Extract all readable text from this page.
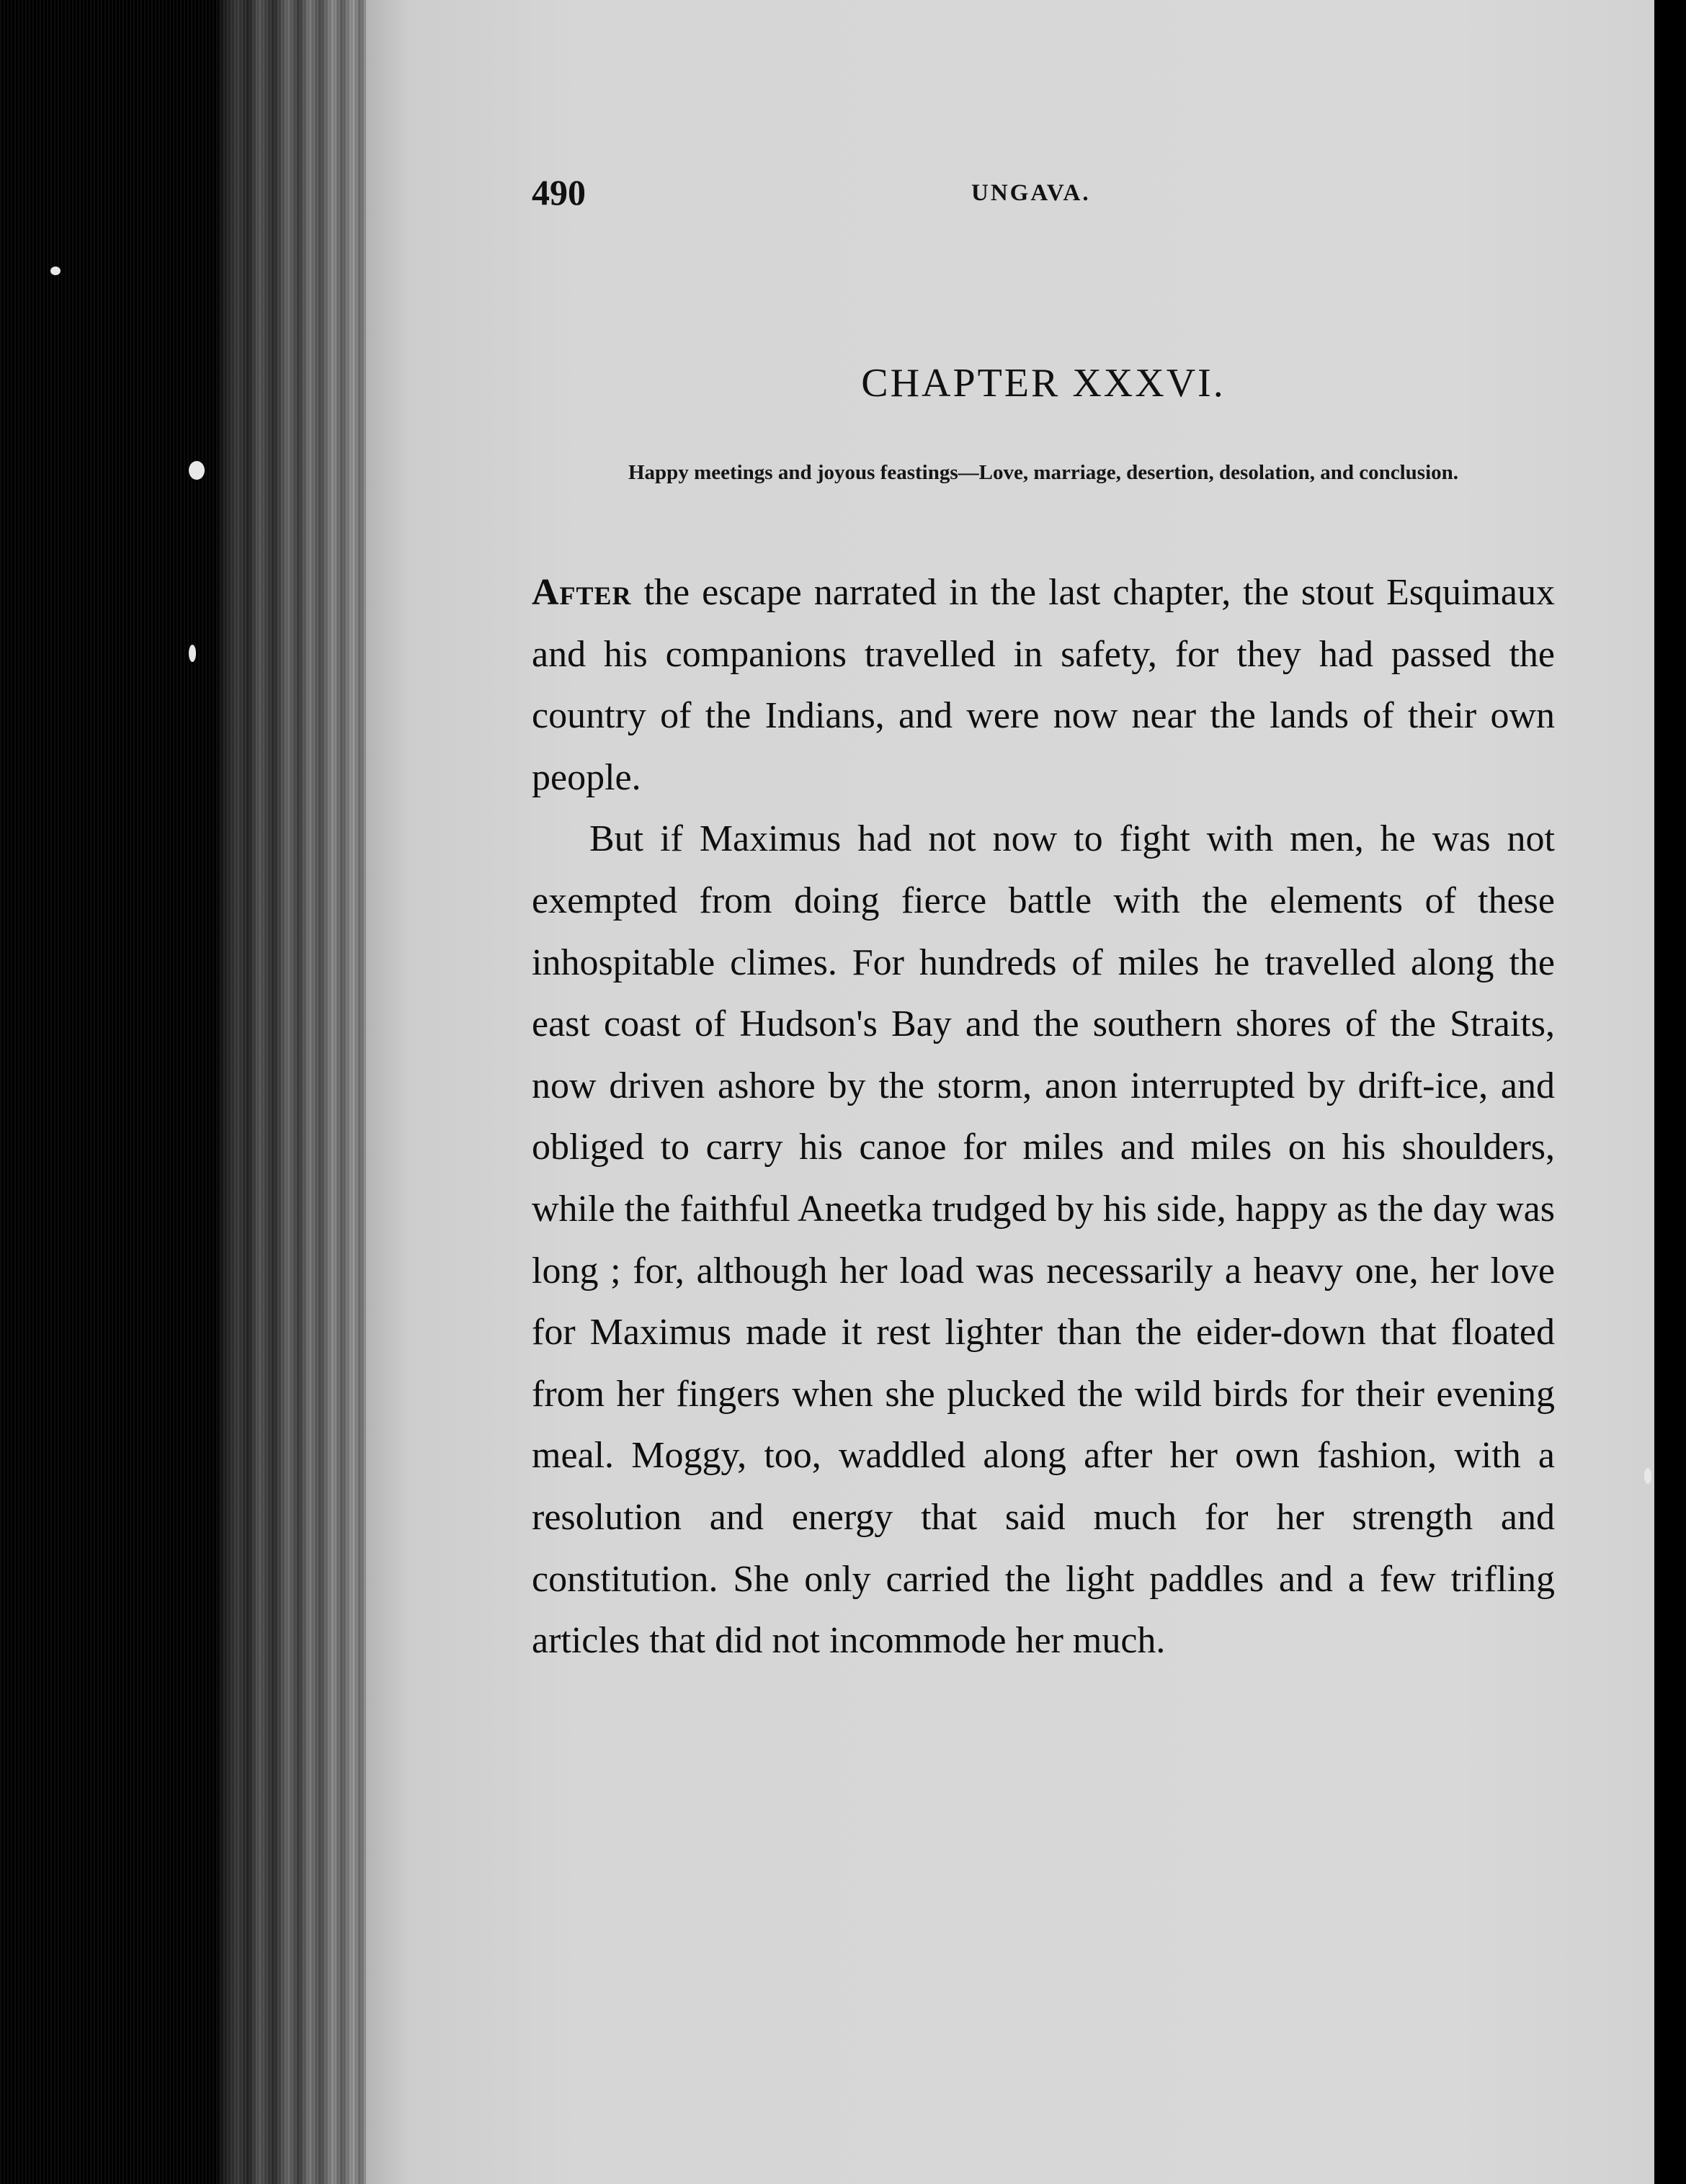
490	UNGAVA.
CHAPTER XXXVI.
Happy meetings and joyous feastings—Love, marriage, desertion, desolation, and conclusion.

After the escape narrated in the last chapter, the stout Esquimaux and his companions travelled in safety, for they had passed the country of the Indians, and were now near the lands of their own people.

But if Maximus had not now to fight with men, he was not exempted from doing fierce battle with the elements of these inhospitable climes. For hundreds of miles he travelled along the east coast of Hudson's Bay and the southern shores of the Straits, now driven ashore by the storm, anon interrupted by drift-ice, and obliged to carry his canoe for miles and miles on his shoulders, while the faithful Aneetka trudged by his side, happy as the day was long ; for, although her load was necessarily a heavy one, her love for Maximus made it rest lighter than the eider-down that floated from her fingers when she plucked the wild birds for their evening meal. Moggy, too, waddled along after her own fashion, with a resolution and energy that said much for her strength and constitution. She only carried the light paddles and a few trifling articles that did not incommode her much.
